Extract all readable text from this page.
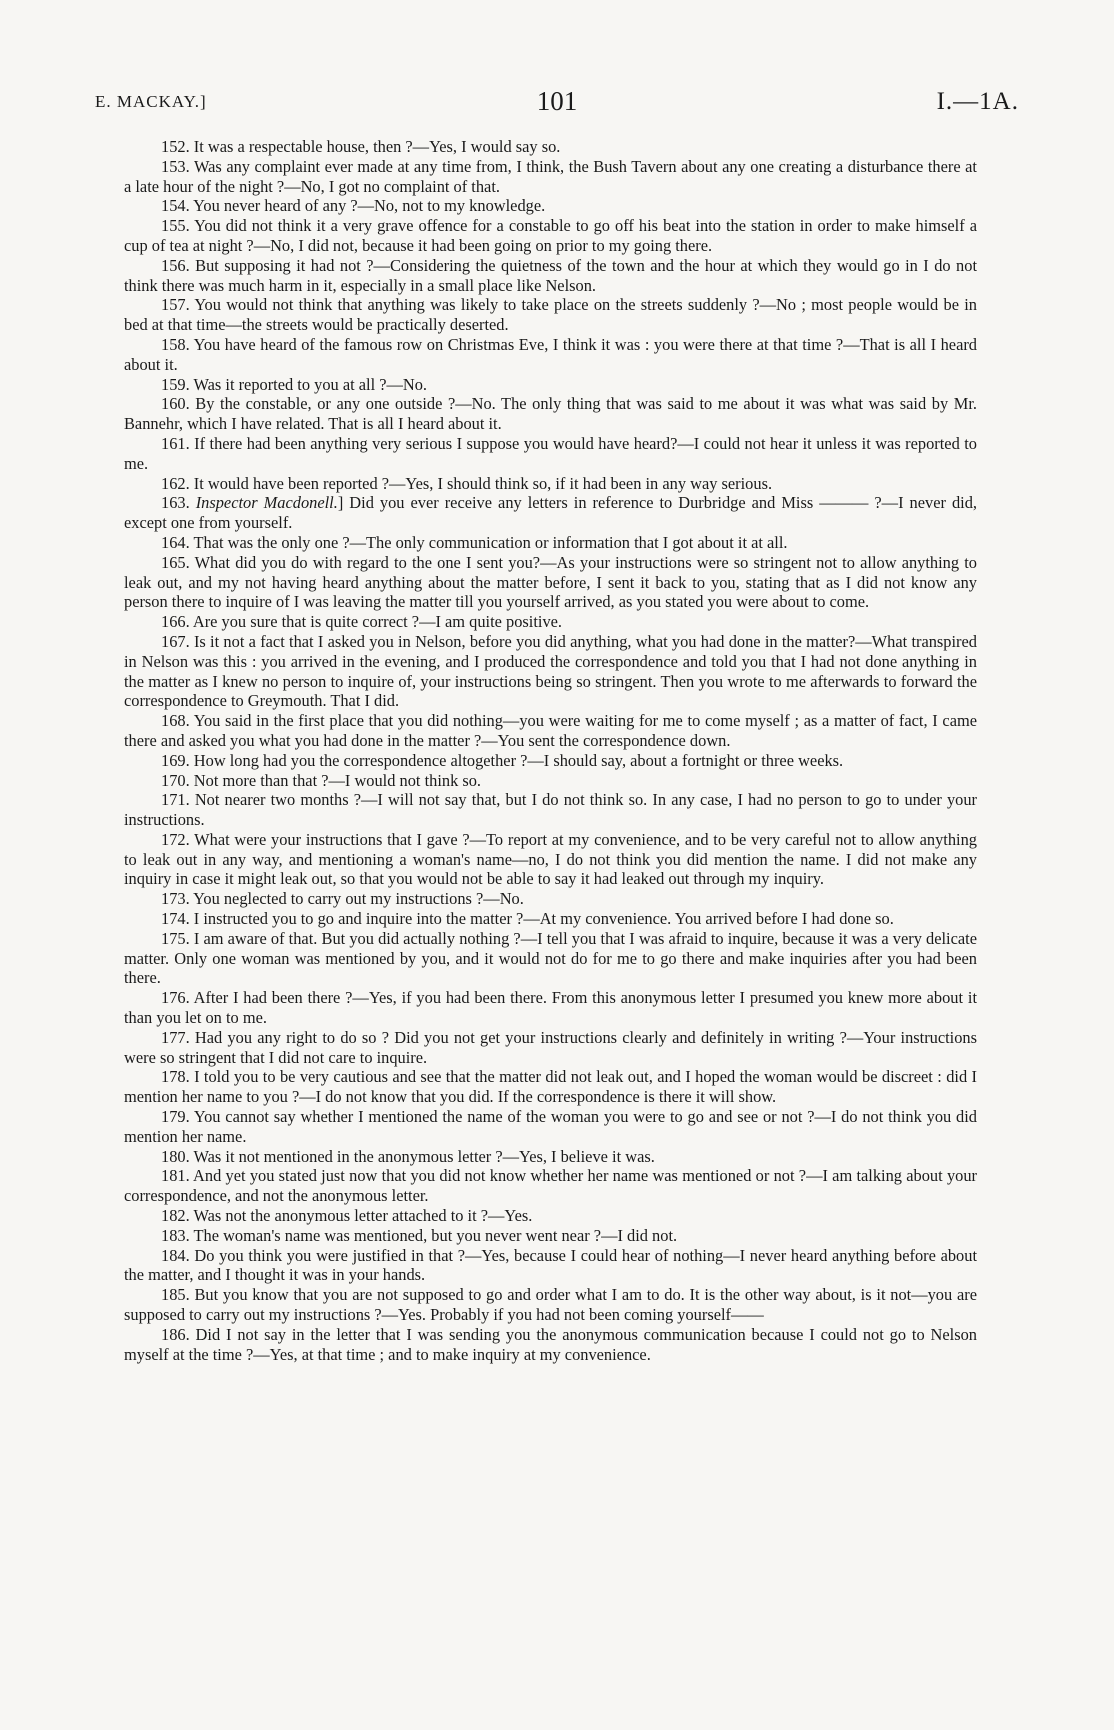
E. MACKAY.]	101	I.—1A.

152. It was a respectable house, then ?—Yes, I would say so.

153. Was any complaint ever made at any time from, I think, the Bush Tavern about any one creating a disturbance there at a late hour of the night ?—No, I got no complaint of that.

154. You never heard of any ?—No, not to my knowledge.

155. You did not think it a very grave offence for a constable to go off his beat into the station in order to make himself a cup of tea at night ?—No, I did not, because it had been going on prior to my going there.

156. But supposing it had not ?—Considering the quietness of the town and the hour at which they would go in I do not think there was much harm in it, especially in a small place like Nelson.

157. You would not think that anything was likely to take place on the streets suddenly ?—No ; most people would be in bed at that time—the streets would be practically deserted.

158. You have heard of the famous row on Christmas Eve, I think it was : you were there at that time ?—That is all I heard about it.

159. Was it reported to you at all ?—No.

160. By the constable, or any one outside ?—No. The only thing that was said to me about it was what was said by Mr. Bannehr, which I have related. That is all I heard about it.

161. If there had been anything very serious I suppose you would have heard?—I could not hear it unless it was reported to me.

162. It would have been reported ?—Yes, I should think so, if it had been in any way serious.

163. Inspector Macdonell.] Did you ever receive any letters in reference to Durbridge and Miss ——— ?—I never did, except one from yourself.

164. That was the only one ?—The only communication or information that I got about it at all.

165. What did you do with regard to the one I sent you?—As your instructions were so stringent not to allow anything to leak out, and my not having heard anything about the matter before, I sent it back to you, stating that as I did not know any person there to inquire of I was leaving the matter till you yourself arrived, as you stated you were about to come.

166. Are you sure that is quite correct ?—I am quite positive.

167. Is it not a fact that I asked you in Nelson, before you did anything, what you had done in the matter?—What transpired in Nelson was this : you arrived in the evening, and I produced the correspondence and told you that I had not done anything in the matter as I knew no person to inquire of, your instructions being so stringent. Then you wrote to me afterwards to forward the correspondence to Greymouth. That I did.

168. You said in the first place that you did nothing—you were waiting for me to come myself ; as a matter of fact, I came there and asked you what you had done in the matter ?—You sent the correspondence down.

169. How long had you the correspondence altogether ?—I should say, about a fortnight or three weeks.

170. Not more than that ?—I would not think so.

171. Not nearer two months ?—I will not say that, but I do not think so. In any case, I had no person to go to under your instructions.

172. What were your instructions that I gave ?—To report at my convenience, and to be very careful not to allow anything to leak out in any way, and mentioning a woman's name—no, I do not think you did mention the name. I did not make any inquiry in case it might leak out, so that you would not be able to say it had leaked out through my inquiry.

173. You neglected to carry out my instructions ?—No.

174. I instructed you to go and inquire into the matter ?—At my convenience. You arrived before I had done so.

175. I am aware of that. But you did actually nothing ?—I tell you that I was afraid to inquire, because it was a very delicate matter. Only one woman was mentioned by you, and it would not do for me to go there and make inquiries after you had been there.

176. After I had been there ?—Yes, if you had been there. From this anonymous letter I presumed you knew more about it than you let on to me.

177. Had you any right to do so ? Did you not get your instructions clearly and definitely in writing ?—Your instructions were so stringent that I did not care to inquire.

178. I told you to be very cautious and see that the matter did not leak out, and I hoped the woman would be discreet : did I mention her name to you ?—I do not know that you did. If the correspondence is there it will show.

179. You cannot say whether I mentioned the name of the woman you were to go and see or not ?—I do not think you did mention her name.

180. Was it not mentioned in the anonymous letter ?—Yes, I believe it was.

181. And yet you stated just now that you did not know whether her name was mentioned or not ?—I am talking about your correspondence, and not the anonymous letter.

182. Was not the anonymous letter attached to it ?—Yes.

183. The woman's name was mentioned, but you never went near ?—I did not.

184. Do you think you were justified in that ?—Yes, because I could hear of nothing—I never heard anything before about the matter, and I thought it was in your hands.

185. But you know that you are not supposed to go and order what I am to do. It is the other way about, is it not—you are supposed to carry out my instructions ?—Yes. Probably if you had not been coming yourself——

186. Did I not say in the letter that I was sending you the anonymous communication because I could not go to Nelson myself at the time ?—Yes, at that time ; and to make inquiry at my convenience.
